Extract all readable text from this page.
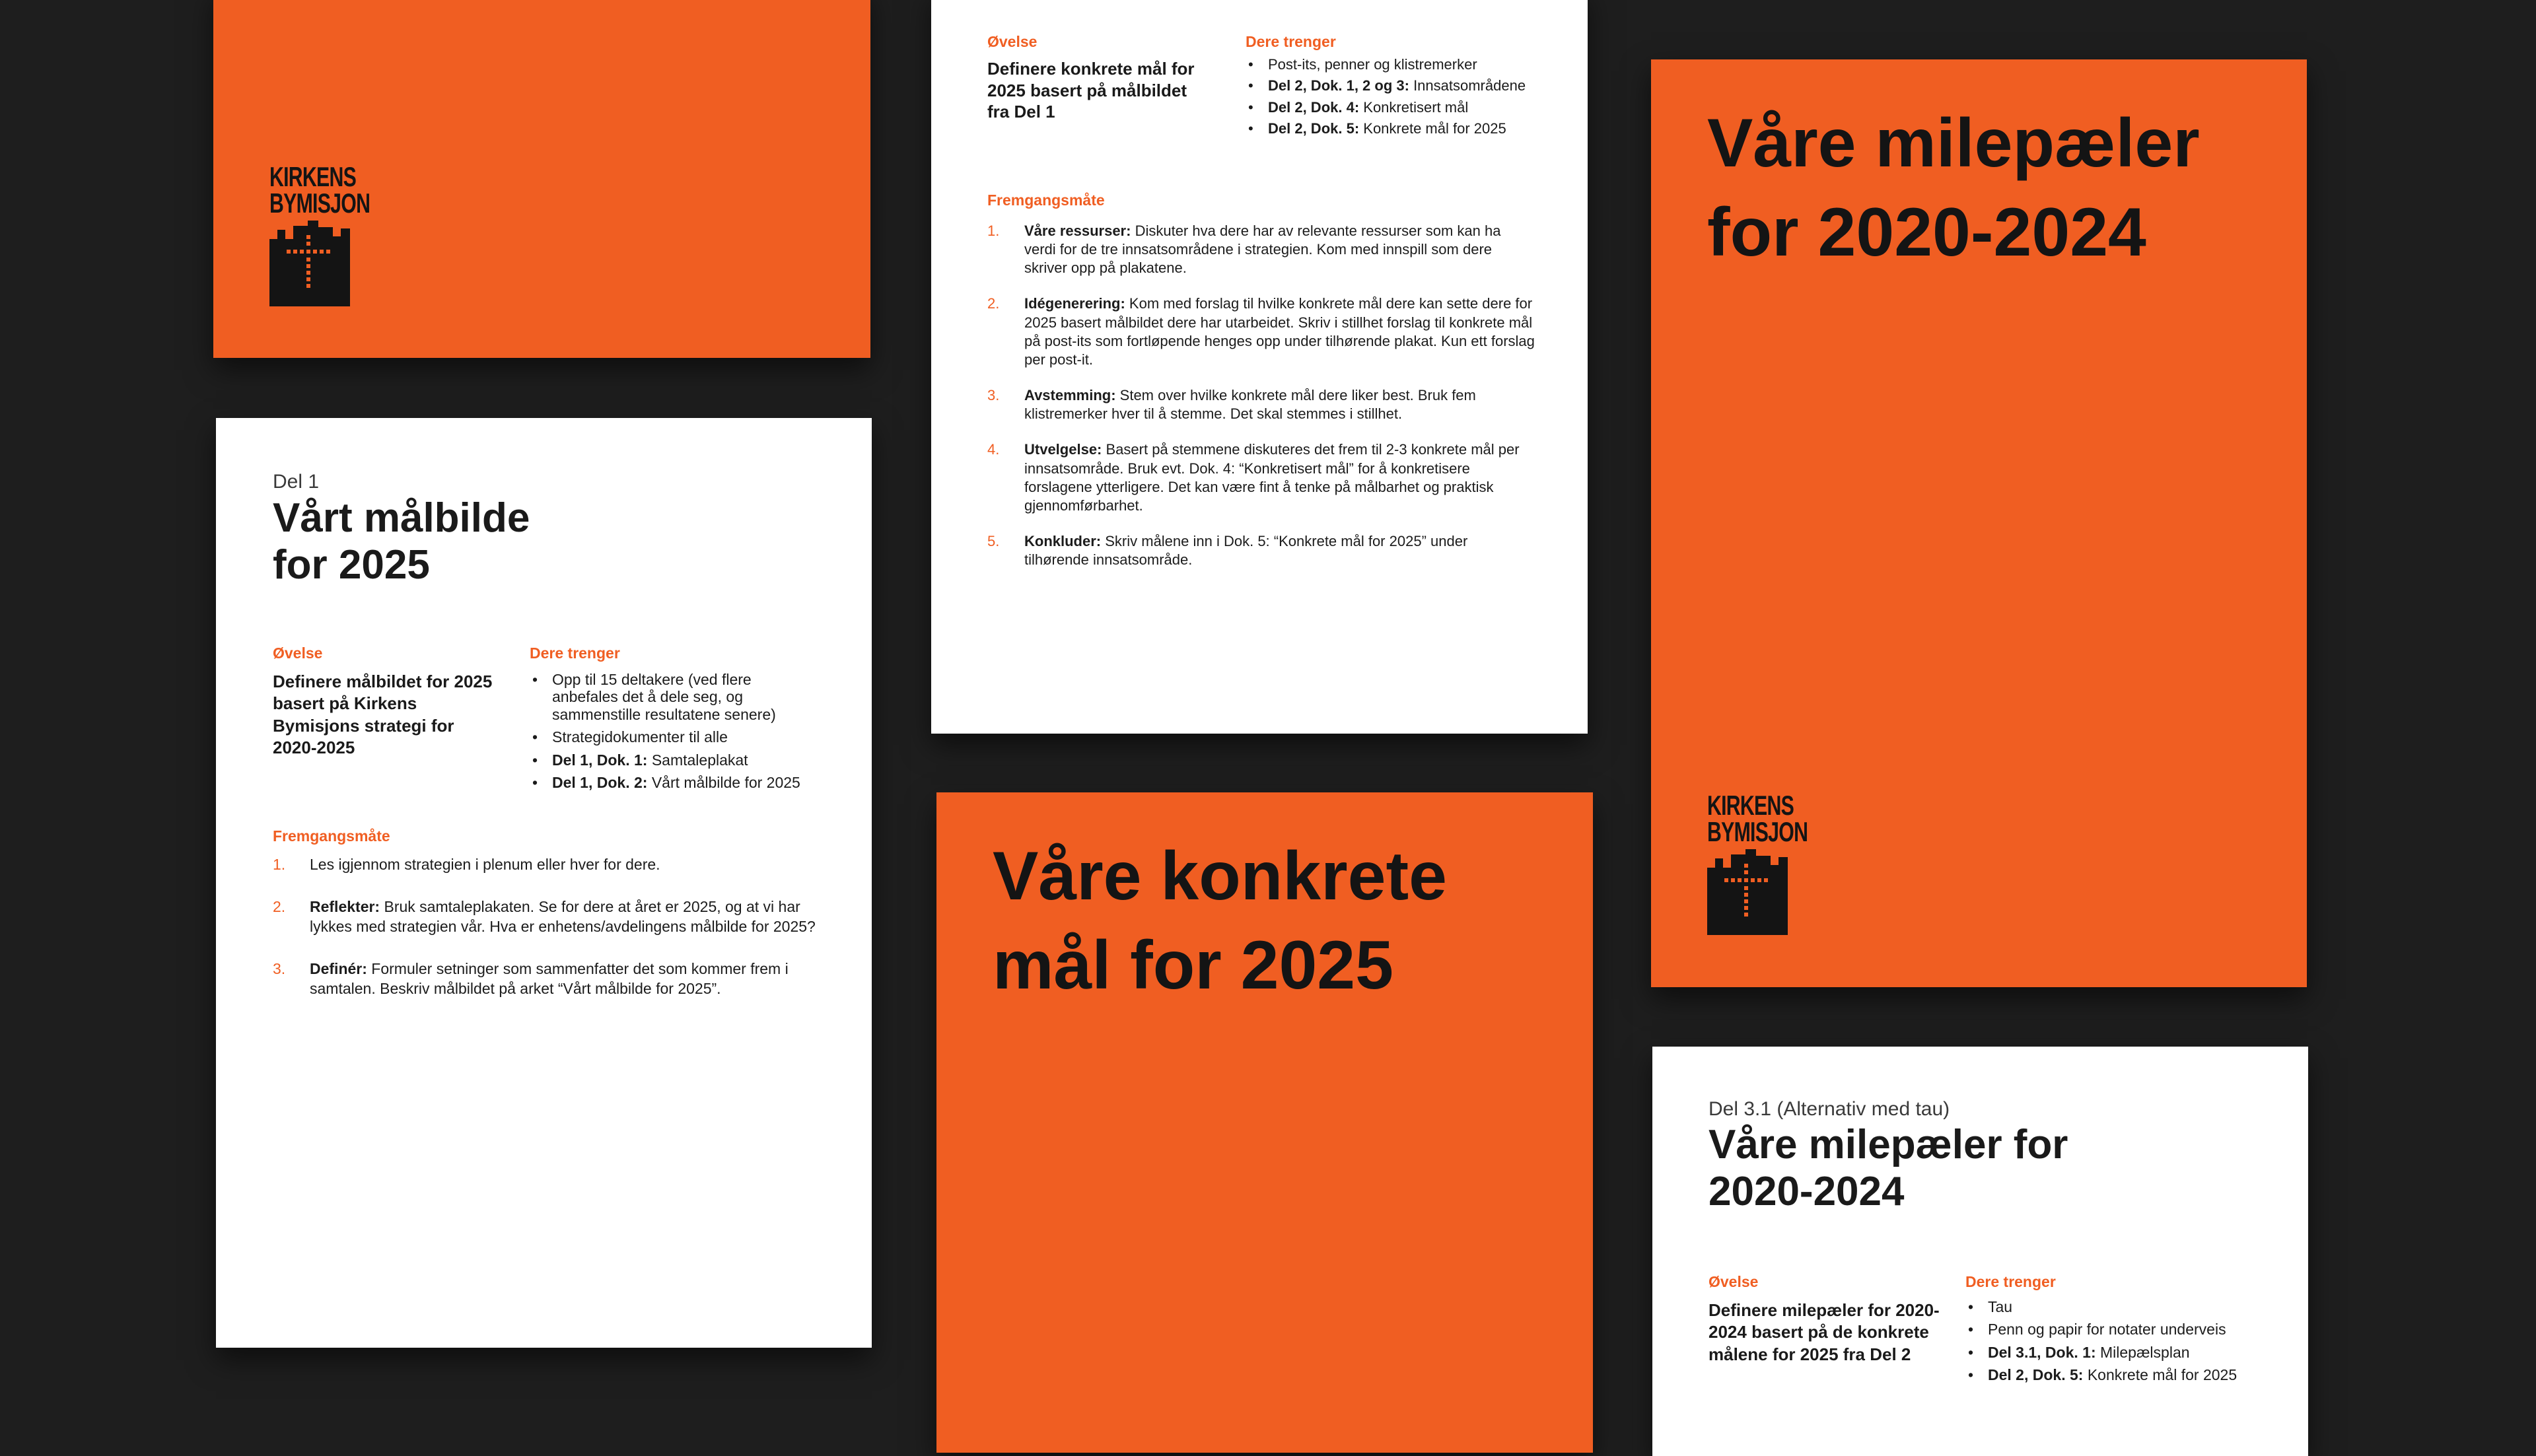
KIRKENS
BYMISJON
Del 1
Vårt målbilde
for 2025
Øvelse
Definere målbildet for 2025 basert på Kirkens Bymisjons strategi for 2020-2025
Dere trenger
• Opp til 15 deltakere (ved flere anbefales det å dele seg, og sammenstille resultatene senere)
• Strategidokumenter til alle
• Del 1, Dok. 1: Samtaleplakat
• Del 1, Dok. 2: Vårt målbilde for 2025
Fremgangsmåte
1. Les igjennom strategien i plenum eller hver for dere.
2. Reflekter: Bruk samtaleplakaten. Se for dere at året er 2025, og at vi har lykkes med strategien vår. Hva er enhetens/avdelingens målbilde for 2025?
3. Definér: Formuler setninger som sammenfatter det som kommer frem i samtalen. Beskriv målbildet på arket “Vårt målbilde for 2025”.
Øvelse
Definere konkrete mål for 2025 basert på målbildet fra Del 1
Dere trenger
• Post-its, penner og klistremerker
• Del 2, Dok. 1, 2 og 3: Innsatsområdene
• Del 2, Dok. 4: Konkretisert mål
• Del 2, Dok. 5: Konkrete mål for 2025
Fremgangsmåte
1. Våre ressurser: Diskuter hva dere har av relevante ressurser som kan ha verdi for de tre innsatsområdene i strategien. Kom med innspill som dere skriver opp på plakatene.
2. Idégenerering: Kom med forslag til hvilke konkrete mål dere kan sette dere for 2025 basert målbildet dere har utarbeidet. Skriv i stillhet forslag til konkrete mål på post-its som fortløpende henges opp under tilhørende plakat. Kun ett forslag per post-it.
3. Avstemming: Stem over hvilke konkrete mål dere liker best. Bruk fem klistremerker hver til å stemme. Det skal stemmes i stillhet.
4. Utvelgelse: Basert på stemmene diskuteres det frem til 2-3 konkrete mål per innsatsområde. Bruk evt. Dok. 4: “Konkretisert mål” for å konkretisere forslagene ytterligere. Det kan være fint å tenke på målbarhet og praktisk gjennomførbarhet.
5. Konkluder: Skriv målene inn i Dok. 5: “Konkrete mål for 2025” under tilhørende innsatsområde.
Våre konkrete
mål for 2025
Våre milepæler
for 2020-2024
KIRKENS
BYMISJON
Del 3.1 (Alternativ med tau)
Våre milepæler for
2020-2024
Øvelse
Definere milepæler for 2020-2024 basert på de konkrete målene for 2025 fra Del 2
Dere trenger
• Tau
• Penn og papir for notater underveis
• Del 3.1, Dok. 1: Milepælsplan
• Del 2, Dok. 5: Konkrete mål for 2025
